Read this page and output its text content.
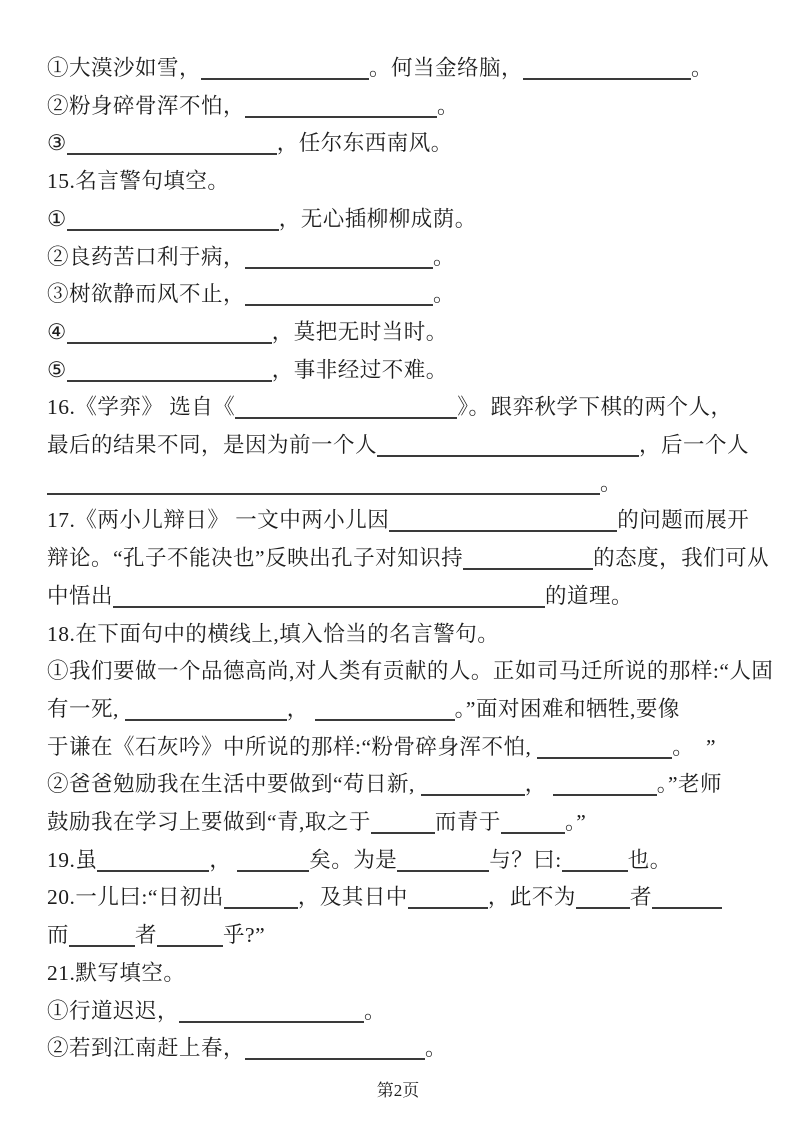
①大漠沙如雪，	。何当金络脑，	。
②粉身碎骨浑不怕，	。
③	，任尔东西南风。
15.名言警句填空。
①	，无心插柳柳成荫。
②良药苦口利于病，	。
③树欲静而风不止，	。
④	，莫把无时当时。
⑤	，事非经过不难。
16.《学弈》 选自《	》。跟弈秋学下棋的两个人，
最后的结果不同，是因为前一个人	，后一个人
。
17.《两小儿辩日》 一文中两小儿因	的问题而展开
辩论。“孔子不能决也”反映出孔子对知识持	的态度，我们可从
中悟出	的道理。
18.在下面句中的横线上,填入恰当的名言警句。
①我们要做一个品德高尚,对人类有贡献的人。正如司马迁所说的那样:“人固
有一死,	，	。”面对困难和牺牲,要像
于谦在《石灰吟》中所说的那样:“粉骨碎身浑不怕,	。  ”
②爸爸勉励我在生活中要做到“苟日新,	，	。”老师
鼓励我在学习上要做到“青,取之于	而青于	。”
19.虽	，	矣。为是	与？曰:	也。
20.一儿曰:“日初出	，及其日中	，此不为	者
而	者	乎?”
21.默写填空。
①行道迟迟，	。
②若到江南赶上春，	。
第2页
